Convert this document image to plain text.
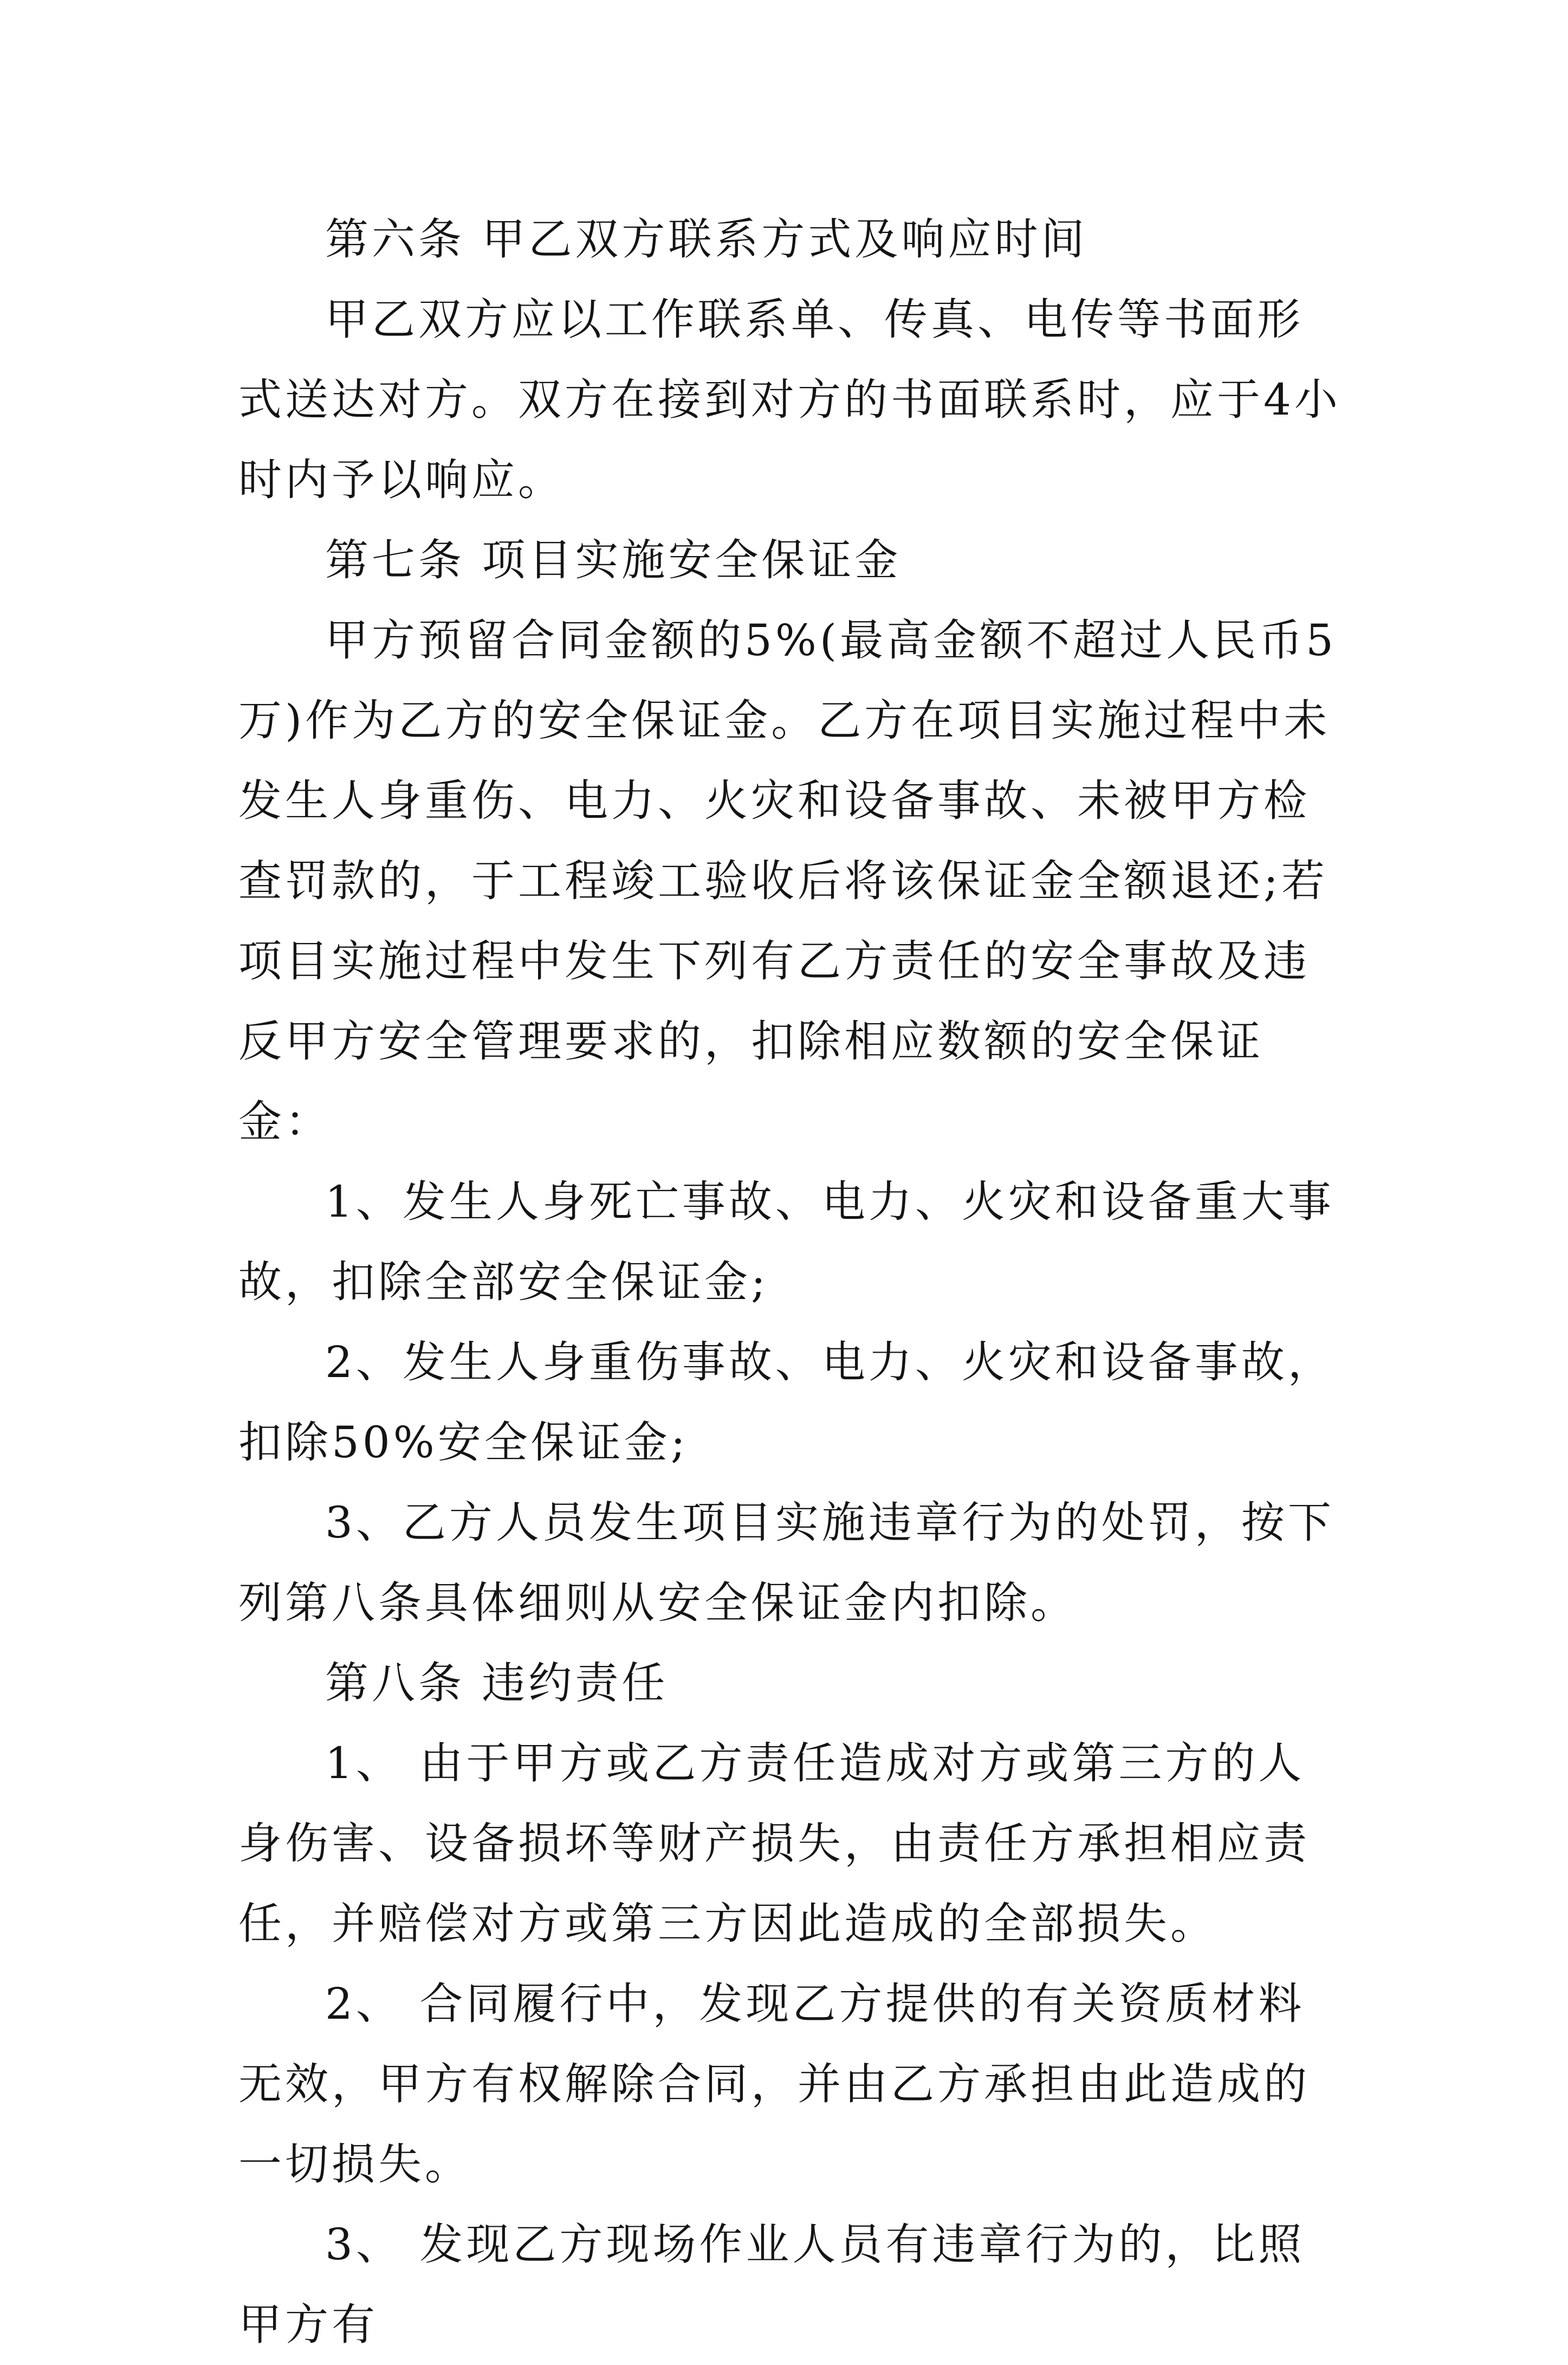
第六条 甲乙双方联系方式及响应时间

甲乙双方应以工作联系单、传真、电传等书面形式送达对方。双方在接到对方的书面联系时，应于4小时内予以响应。

第七条 项目实施安全保证金

甲方预留合同金额的5%(最高金额不超过人民币5万)作为乙方的安全保证金。乙方在项目实施过程中未发生人身重伤、电力、火灾和设备事故、未被甲方检查罚款的，于工程竣工验收后将该保证金全额退还;若项目实施过程中发生下列有乙方责任的安全事故及违反甲方安全管理要求的，扣除相应数额的安全保证金：

1、发生人身死亡事故、电力、火灾和设备重大事故，扣除全部安全保证金;

2、发生人身重伤事故、电力、火灾和设备事故，扣除50%安全保证金;

3、乙方人员发生项目实施违章行为的处罚，按下列第八条具体细则从安全保证金内扣除。

第八条 违约责任

1、 由于甲方或乙方责任造成对方或第三方的人身伤害、设备损坏等财产损失，由责任方承担相应责任，并赔偿对方或第三方因此造成的全部损失。

2、 合同履行中，发现乙方提供的有关资质材料无效，甲方有权解除合同，并由乙方承担由此造成的一切损失。

3、 发现乙方现场作业人员有违章行为的，比照甲方有
